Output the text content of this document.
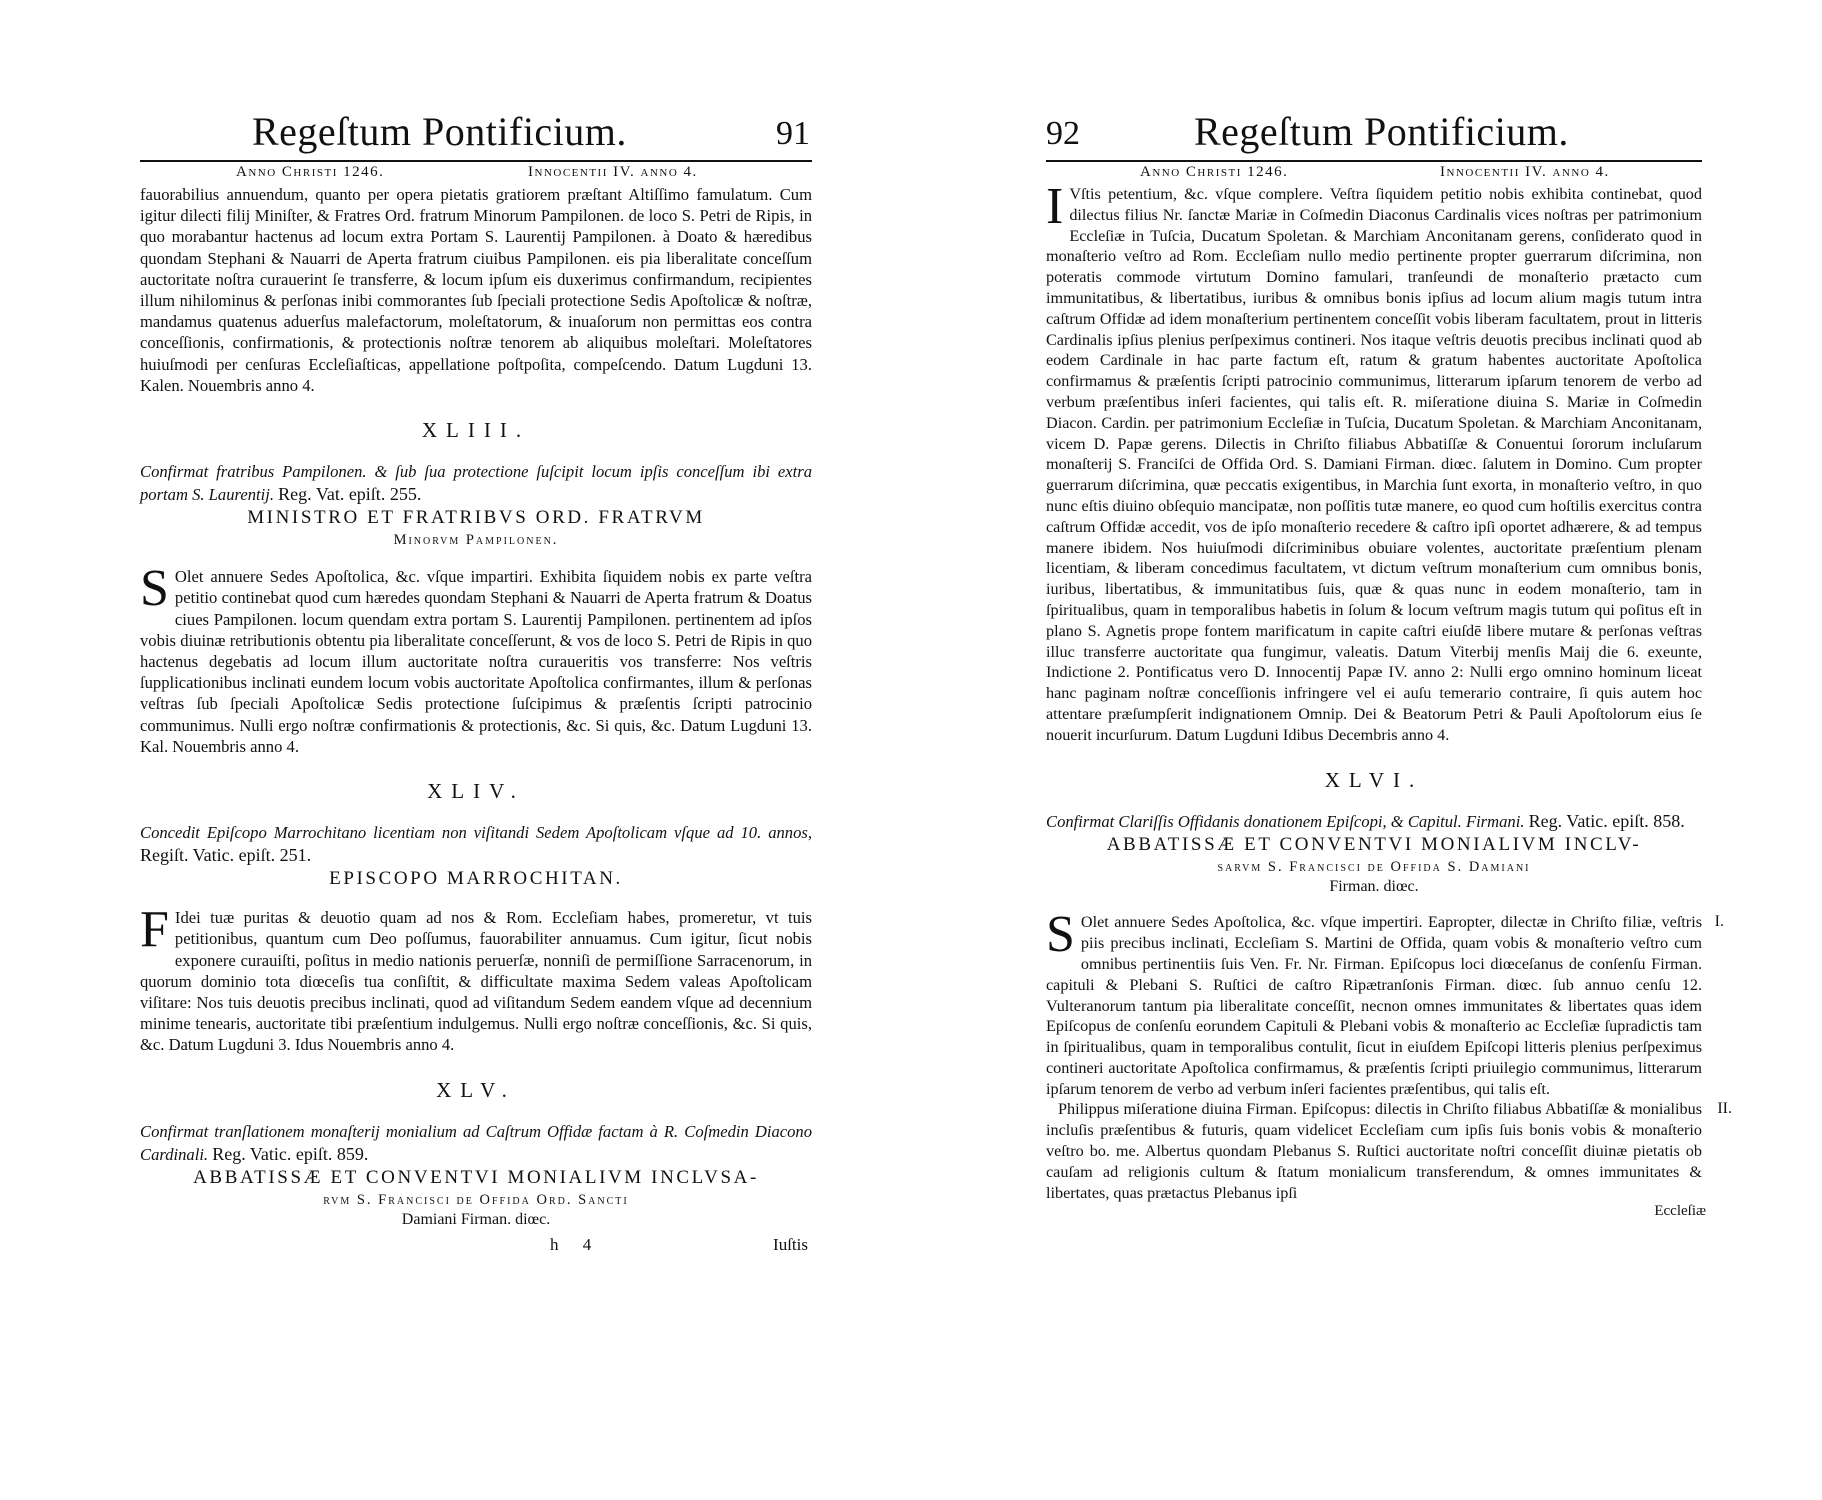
Regeſtum Pontificium.	91
Anno Christi 1246.	Innocentii IV. anno 4.

fauorabilius annuendum, quanto per opera pietatis gratiorem præſtant Altiſſimo famulatum. Cum igitur dilecti filij Miniſter, & Fratres Ord. fratrum Minorum Pampilonen. de loco S. Petri de Ripis, in quo morabantur hactenus ad locum extra Portam S. Laurentij Pampilonen. à Doato & hæredibus quondam Stephani & Nauarri de Aperta fratrum ciuibus Pampilonen. eis pia liberalitate conceſſum auctoritate noſtra curauerint ſe transferre, & locum ipſum eis duxerimus confirmandum, recipientes illum nihilominus & perſonas inibi commorantes ſub ſpeciali protectione Sedis Apoſtolicæ & noſtræ, mandamus quatenus aduerſus malefactorum, moleſtatorum, & inuaſorum non permittas eos contra conceſſionis, confirmationis, & protectionis noſtræ tenorem ab aliquibus moleſtari. Moleſtatores huiuſmodi per cenſuras Eccleſiaſticas, appellatione poſtpoſita, compeſcendo. Datum Lugduni 13. Kalen. Nouembris anno 4.

XLIII.

Confirmat fratribus Pampilonen. & ſub ſua protectione ſuſcipit locum ipſis conceſſum ibi extra portam S. Laurentij. Reg. Vat. epiſt. 255.

MINISTRO ET FRATRIBVS ORD. FRATRVM
Minorvm Pampilonen.

S Olet annuere Sedes Apoſtolica, &c. vſque impartiri. Exhibita ſiquidem nobis ex parte veſtra petitio continebat quod cum hæredes quondam Stephani & Nauarri de Aperta fratrum & Doatus ciues Pampilonen. locum quendam extra portam S. Laurentij Pampilonen. pertinentem ad ipſos vobis diuinæ retributionis obtentu pia liberalitate conceſſerunt, & vos de loco S. Petri de Ripis in quo hactenus degebatis ad locum illum auctoritate noſtra curaueritis vos transferre: Nos veſtris ſupplicationibus inclinati eundem locum vobis auctoritate Apoſtolica confirmantes, illum & perſonas veſtras ſub ſpeciali Apoſtolicæ Sedis protectione ſuſcipimus & præſentis ſcripti patrocinio communimus. Nulli ergo noſtræ confirmationis & protectionis, &c. Si quis, &c. Datum Lugduni 13. Kal. Nouembris anno 4.

XLIV.

Concedit Epiſcopo Marrochitano licentiam non viſitandi Sedem Apoſtolicam vſque ad 10. annos, Regiſt. Vatic. epiſt. 251.

EPISCOPO MARROCHITAN.

F Idei tuæ puritas & deuotio quam ad nos & Rom. Eccleſiam habes, promeretur, vt tuis petitionibus, quantum cum Deo poſſumus, fauorabiliter annuamus. Cum igitur, ſicut nobis exponere curauiſti, poſitus in medio nationis peruerſæ, nonniſi de permiſſione Sarracenorum, in quorum dominio tota diœceſis tua conſiſtit, & difficultate maxima Sedem valeas Apoſtolicam viſitare: Nos tuis deuotis precibus inclinati, quod ad viſitandum Sedem eandem vſque ad decennium minime tenearis, auctoritate tibi præſentium indulgemus. Nulli ergo noſtræ conceſſionis, &c. Si quis, &c. Datum Lugduni 3. Idus Nouembris anno 4.

XLV.

Confirmat tranſlationem monaſterij monialium ad Caſtrum Offidæ factam à R. Coſmedin Diacono Cardinali. Reg. Vatic. epiſt. 859.

ABBATISSÆ ET CONVENTVI MONIALIVM INCLVSA-
rvm S. Francisci de Offida Ord. Sancti
Damiani Firman. diœc.
h 4	Iuſtis
92	Regeſtum Pontificium.
Anno Christi 1246.	Innocentii IV. anno 4.

I Vſtis petentium, &c. vſque complere. Veſtra ſiquidem petitio nobis exhibita continebat, quod dilectus filius Nr. ſanctæ Mariæ in Coſmedin Diaconus Cardinalis vices noſtras per patrimonium Eccleſiæ in Tuſcia, Ducatum Spoletan. & Marchiam Anconitanam gerens, conſiderato quod in monaſterio veſtro ad Rom. Eccleſiam nullo medio pertinente propter guerrarum diſcrimina, non poteratis commode virtutum Domino famulari, tranſeundi de monaſterio prætacto cum immunitatibus, & libertatibus, iuribus & omnibus bonis ipſius ad locum alium magis tutum intra caſtrum Offidæ ad idem monaſterium pertinentem conceſſit vobis liberam facultatem, prout in litteris Cardinalis ipſius plenius perſpeximus contineri. Nos itaque veſtris deuotis precibus inclinati quod ab eodem Cardinale in hac parte factum eſt, ratum & gratum habentes auctoritate Apoſtolica confirmamus & præſentis ſcripti patrocinio communimus, litterarum ipſarum tenorem de verbo ad verbum præſentibus inſeri facientes, qui talis eſt. R. miſeratione diuina S. Mariæ in Coſmedin Diacon. Cardin. per patrimonium Eccleſiæ in Tuſcia, Ducatum Spoletan. & Marchiam Anconitanam, vicem D. Papæ gerens. Dilectis in Chriſto filiabus Abbatiſſæ & Conuentui ſororum incluſarum monaſterij S. Franciſci de Offida Ord. S. Damiani Firman. diœc. ſalutem in Domino. Cum propter guerrarum diſcrimina, quæ peccatis exigentibus, in Marchia ſunt exorta, in monaſterio veſtro, in quo nunc eſtis diuino obſequio mancipatæ, non poſſitis tutæ manere, eo quod cum hoſtilis exercitus contra caſtrum Offidæ accedit, vos de ipſo monaſterio recedere & caſtro ipſi oportet adhærere, & ad tempus manere ibidem. Nos huiuſmodi diſcriminibus obuiare volentes, auctoritate præſentium plenam licentiam, & liberam concedimus facultatem, vt dictum veſtrum monaſterium cum omnibus bonis, iuribus, libertatibus, & immunitatibus ſuis, quæ & quas nunc in eodem monaſterio, tam in ſpiritualibus, quam in temporalibus habetis in ſolum & locum veſtrum magis tutum qui poſitus eſt in plano S. Agnetis prope fontem marificatum in capite caſtri eiuſdē libere mutare & perſonas veſtras illuc transferre auctoritate qua fungimur, valeatis. Datum Viterbij menſis Maij die 6. exeunte, Indictione 2. Pontificatus vero D. Innocentij Papæ IV. anno 2: Nulli ergo omnino hominum liceat hanc paginam noſtræ conceſſionis infringere vel ei auſu temerario contraire, ſi quis autem hoc attentare præſumpſerit indignationem Omnip. Dei & Beatorum Petri & Pauli Apoſtolorum eius ſe nouerit incurſurum. Datum Lugduni Idibus Decembris anno 4.

XLVI.

Confirmat Clariſſis Offidanis donationem Epiſcopi, & Capitul. Firmani. Reg. Vatic. epiſt. 858.

ABBATISSÆ ET CONVENTVI MONIALIVM INCLV-
sarvm S. Francisci de Offida S. Damiani
Firman. diœc.
I.

S Olet annuere Sedes Apoſtolica, &c. vſque impertiri. Eapropter, dilectæ in Chriſto filiæ, veſtris piis precibus inclinati, Eccleſiam S. Martini de Offida, quam vobis & monaſterio veſtro cum omnibus pertinentiis ſuis Ven. Fr. Nr. Firman. Epiſcopus loci diœceſanus de conſenſu Firman. capituli & Plebani S. Ruſtici de caſtro Ripætranſonis Firman. diœc. ſub annuo cenſu 12. Vulteranorum tantum pia liberalitate conceſſit, necnon omnes immunitates & libertates quas idem Epiſcopus de conſenſu eorundem Capituli & Plebani vobis & monaſterio ac Eccleſiæ ſupradictis tam in ſpiritualibus, quam in temporalibus contulit, ſicut in eiuſdem Epiſcopi litteris plenius perſpeximus contineri auctoritate Apoſtolica confirmamus, & præſentis ſcripti priuilegio communimus, litterarum ipſarum tenorem de verbo ad verbum inſeri facientes præſentibus, qui talis eſt.

II.

Philippus miſeratione diuina Firman. Epiſcopus: dilectis in Chriſto filiabus Abbatiſſæ & monialibus incluſis præſentibus & futuris, quam videlicet Eccleſiam cum ipſis ſuis bonis vobis & monaſterio veſtro bo. me. Albertus quondam Plebanus S. Ruſtici auctoritate noſtri conceſſit diuinæ pietatis ob cauſam ad religionis cultum & ſtatum monialicum transferendum, & omnes immunitates & libertates, quas prætactus Plebanus ipſi

Eccleſiæ
